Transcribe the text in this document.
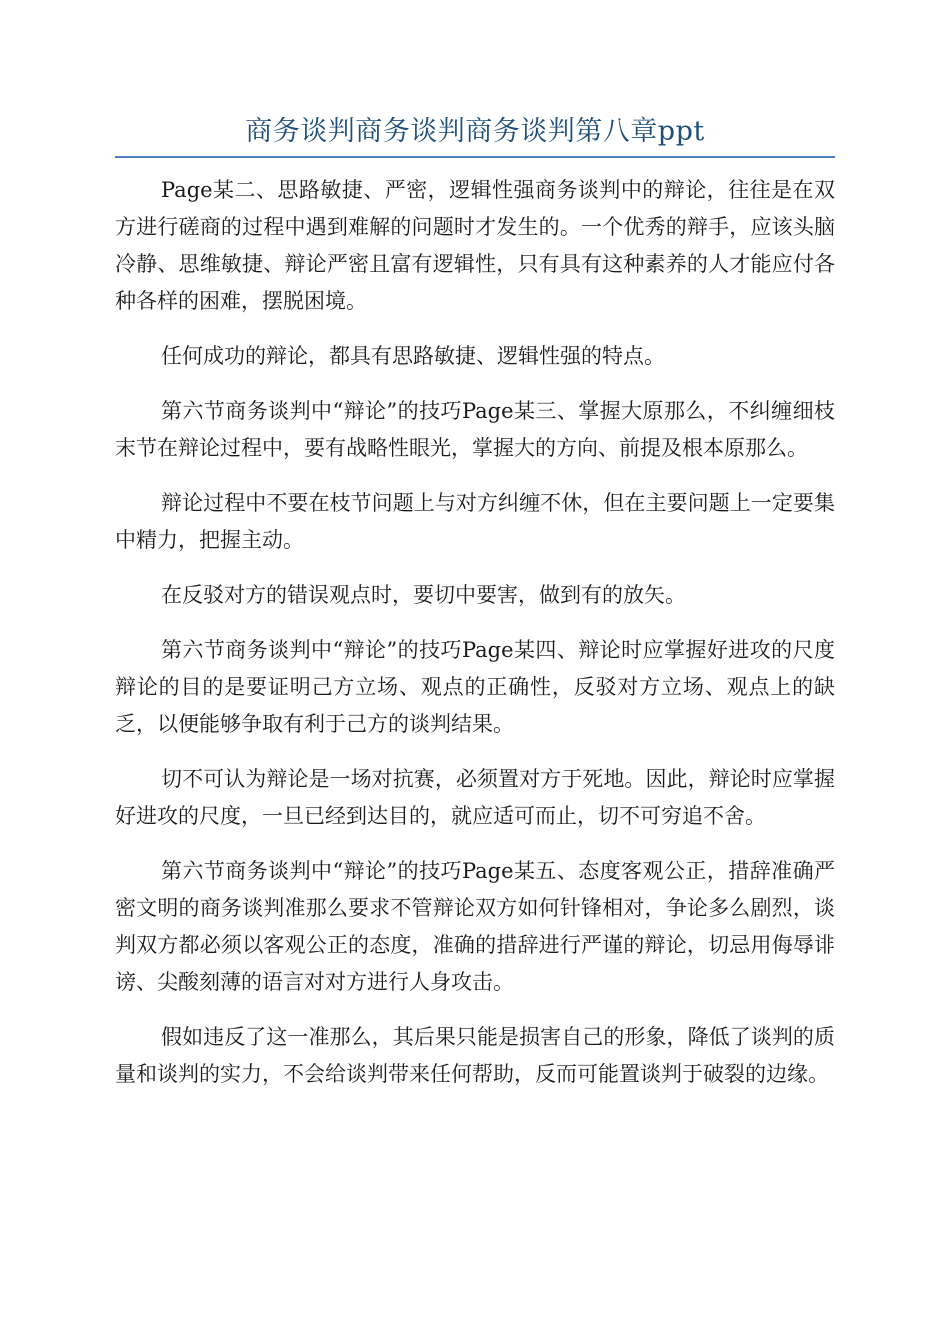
商务谈判商务谈判商务谈判第八章ppt

Page某二、思路敏捷、严密，逻辑性强商务谈判中的辩论，往往是在双方进行磋商的过程中遇到难解的问题时才发生的。一个优秀的辩手，应该头脑冷静、思维敏捷、辩论严密且富有逻辑性，只有具有这种素养的人才能应付各种各样的困难，摆脱困境。

任何成功的辩论，都具有思路敏捷、逻辑性强的特点。

第六节商务谈判中“辩论”的技巧Page某三、掌握大原那么，不纠缠细枝末节在辩论过程中，要有战略性眼光，掌握大的方向、前提及根本原那么。

辩论过程中不要在枝节问题上与对方纠缠不休，但在主要问题上一定要集中精力，把握主动。

在反驳对方的错误观点时，要切中要害，做到有的放矢。

第六节商务谈判中“辩论”的技巧Page某四、辩论时应掌握好进攻的尺度辩论的目的是要证明己方立场、观点的正确性，反驳对方立场、观点上的缺乏，以便能够争取有利于己方的谈判结果。

切不可认为辩论是一场对抗赛，必须置对方于死地。因此，辩论时应掌握好进攻的尺度，一旦已经到达目的，就应适可而止，切不可穷追不舍。

第六节商务谈判中“辩论”的技巧Page某五、态度客观公正，措辞准确严密文明的商务谈判准那么要求不管辩论双方如何针锋相对，争论多么剧烈，谈判双方都必须以客观公正的态度，准确的措辞进行严谨的辩论，切忌用侮辱诽谤、尖酸刻薄的语言对对方进行人身攻击。

假如违反了这一准那么，其后果只能是损害自己的形象，降低了谈判的质量和谈判的实力，不会给谈判带来任何帮助，反而可能置谈判于破裂的边缘。
